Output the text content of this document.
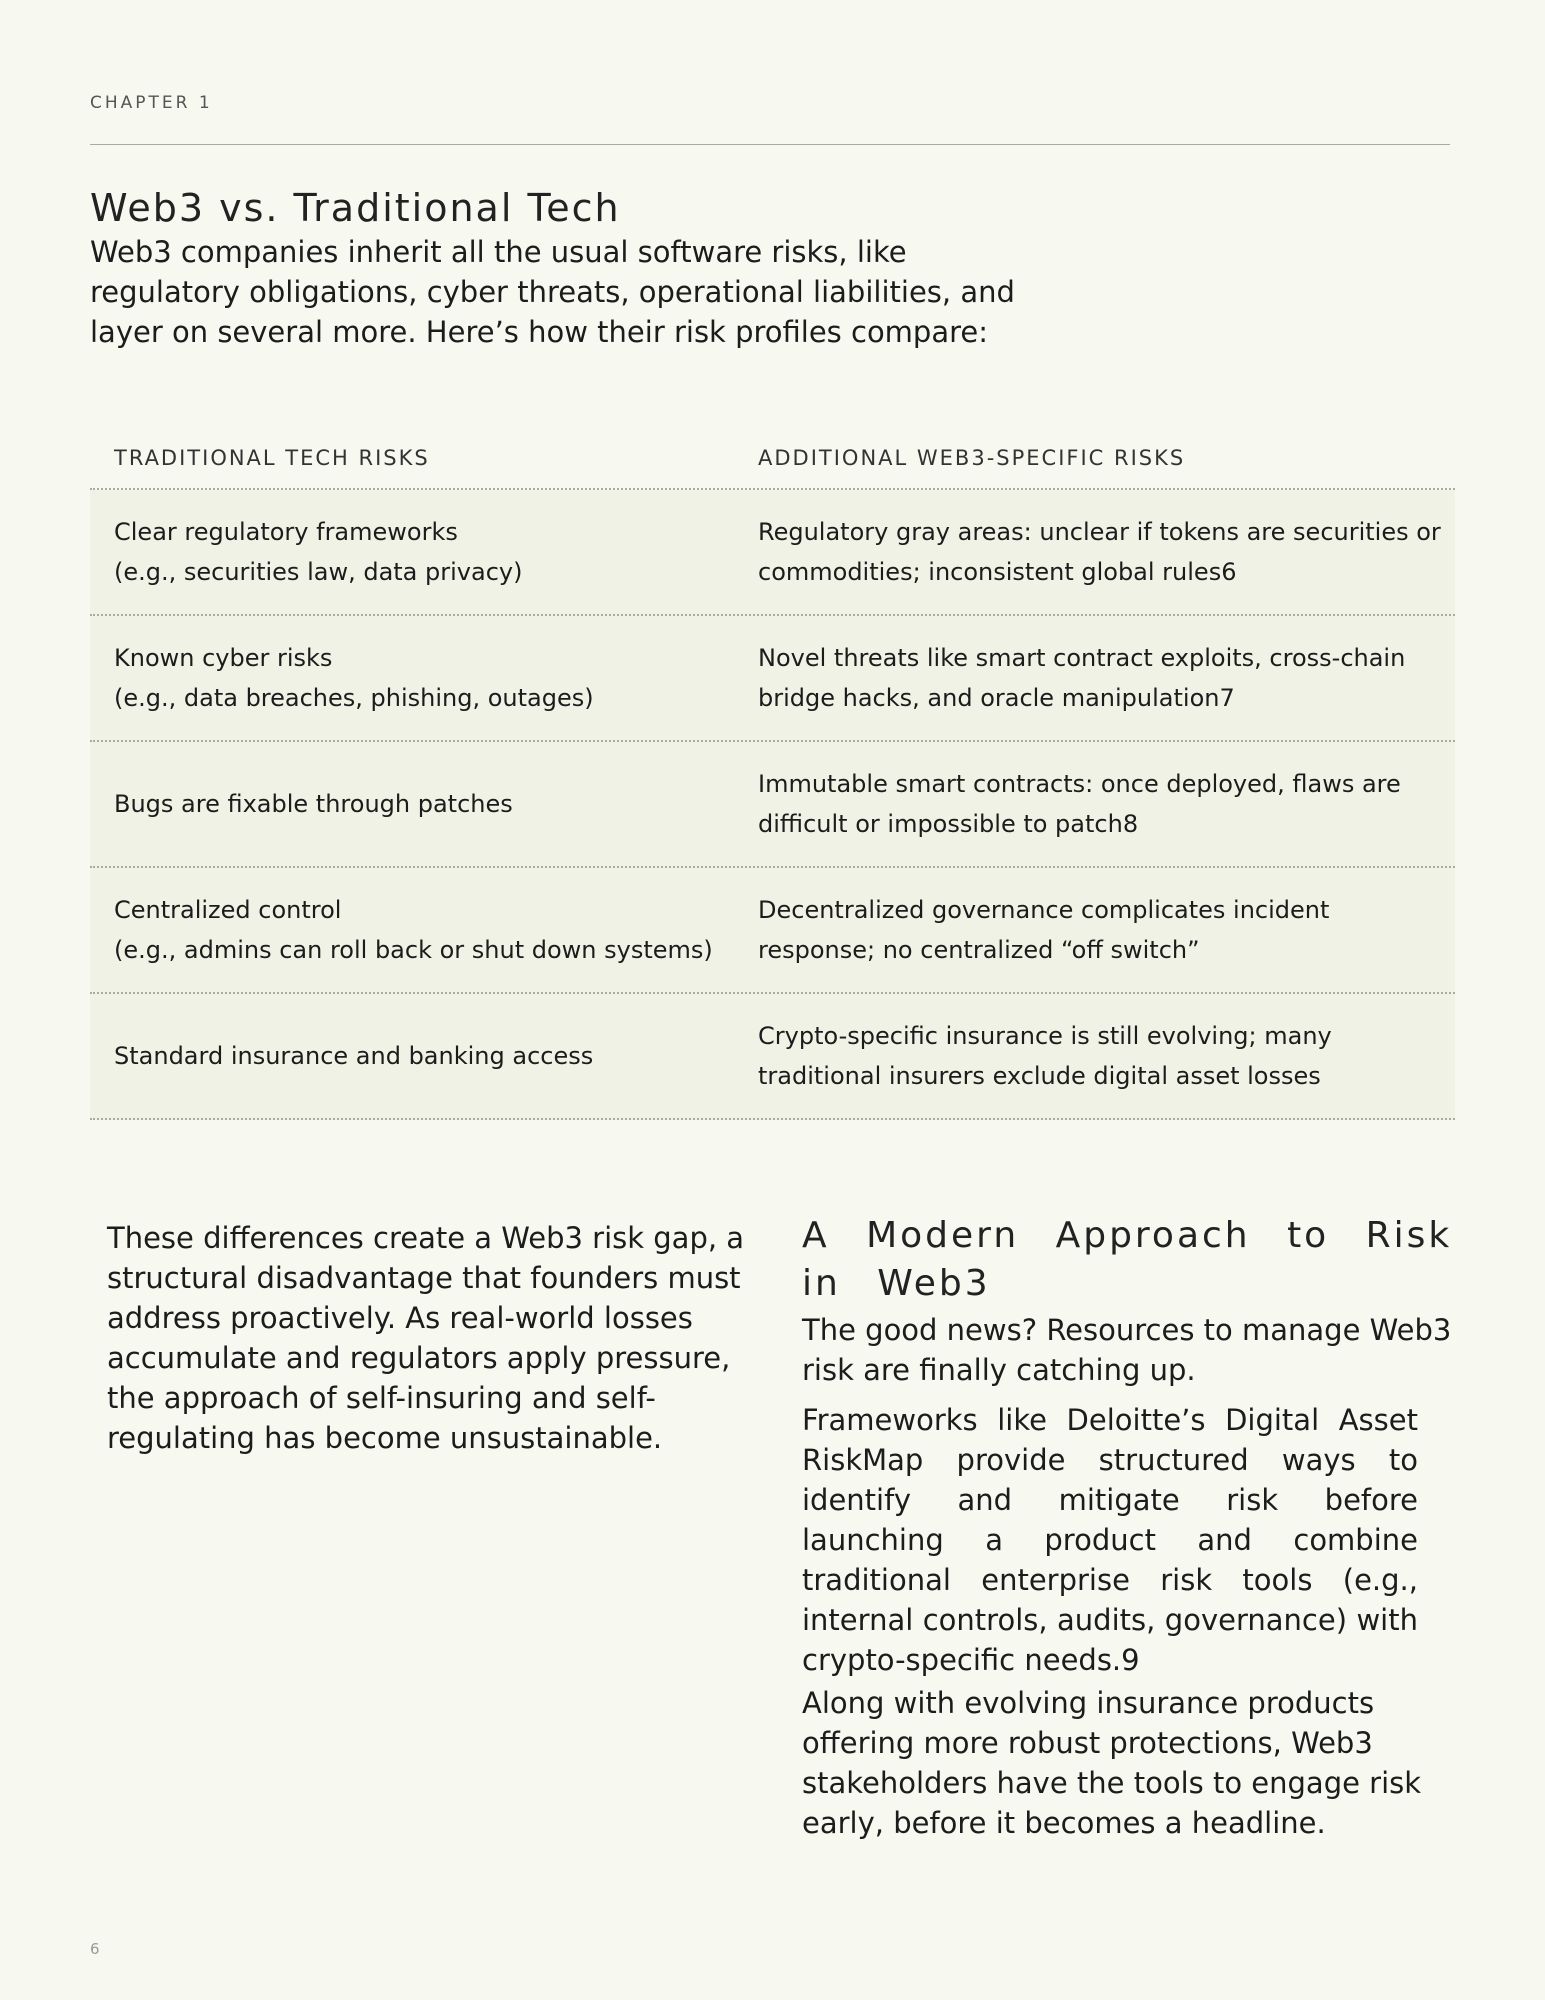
CHAPTER 1
Web3 vs. Traditional Tech

Web3 companies inherit all the usual software risks, like regulatory obligations, cyber threats, operational liabilities, and layer on several more. Here’s how their risk profiles compare:

TRADITIONAL TECH RISKS	ADDITIONAL WEB3-SPECIFIC RISKS
Clear regulatory frameworks
(e.g., securities law, data privacy)
Regulatory gray areas: unclear if tokens are securities or
commodities; inconsistent global rules6
Known cyber risks
(e.g., data breaches, phishing, outages)
Novel threats like smart contract exploits, cross-chain
bridge hacks, and oracle manipulation7
Bugs are fixable through patches
Immutable smart contracts: once deployed, flaws are
difficult or impossible to patch8
Centralized control
(e.g., admins can roll back or shut down systems)
Decentralized governance complicates incident
response; no centralized “off switch”
Standard insurance and banking access
Crypto-specific insurance is still evolving; many
traditional insurers exclude digital asset losses

These differences create a Web3 risk gap, a structural disadvantage that founders must address proactively. As real-world losses accumulate and regulators apply pressure, the approach of self-insuring and self-regulating has become unsustainable.

A Modern Approach to Risk in Web3

The good news? Resources to manage Web3 risk are finally catching up.

Frameworks like Deloitte’s Digital Asset RiskMap provide structured ways to identify and mitigate risk before launching a product and combine traditional enterprise risk tools (e.g., internal controls, audits, governance) with crypto-specific needs.9

Along with evolving insurance products offering more robust protections, Web3 stakeholders have the tools to engage risk early, before it becomes a headline.

6
